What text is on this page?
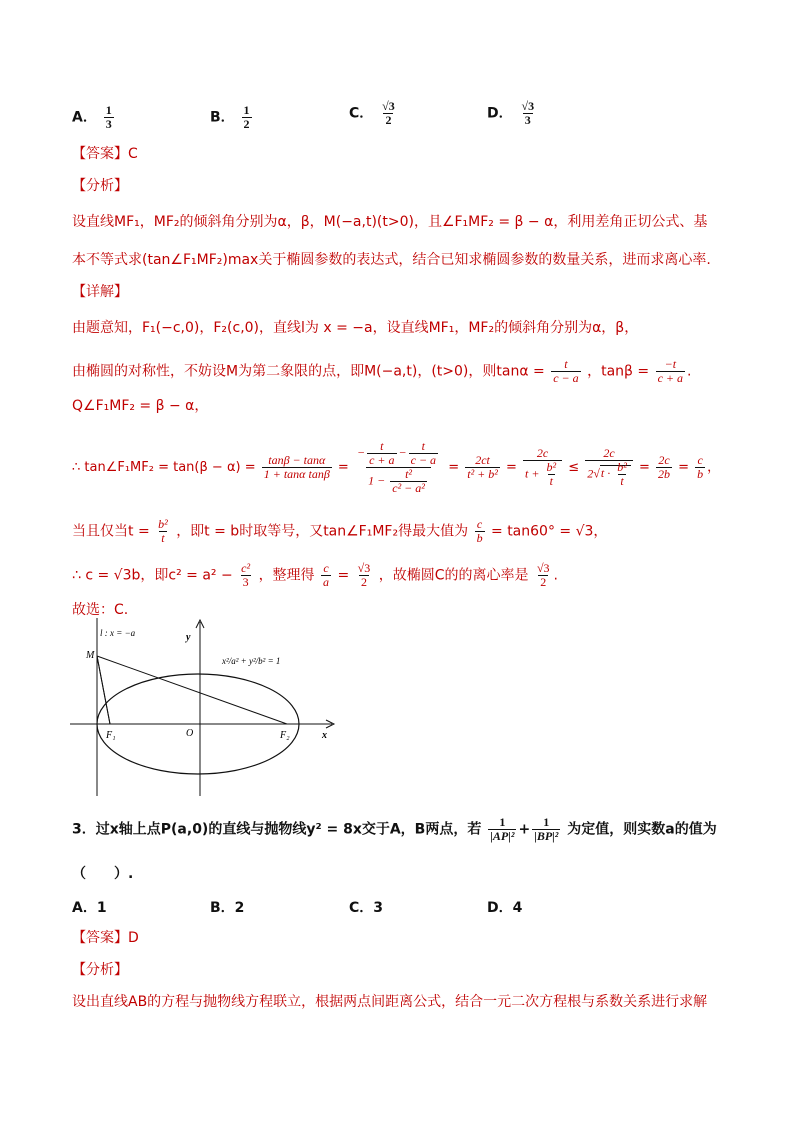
A． $\frac{1}{3}$	B． $\frac{1}{2}$	C． $\frac{√3}{2}$	D． $\frac{√3}{3}$
【答案】C
【分析】
设直线MF₁，MF₂的倾斜角分别为α，β，M(−a,t)(t>0)，且∠F₁MF₂ = β − α，利用差角正切公式、基
本不等式求(tan∠F₁MF₂)max关于椭圆参数的表达式，结合已知求椭圆参数的数量关系，进而求离心率.
【详解】
由题意知，F₁(−c,0)，F₂(c,0)，直线l为 x = −a，设直线MF₁，MF₂的倾斜角分别为α，β，
由椭圆的对称性，不妨设M为第二象限的点，即M(−a,t)，(t>0)，则$\tan\alpha = \frac{t}{c - a}$ ，$\tan\beta = \frac{-t}{c + a}$ .
Q∠F₁MF₂ = β − α，
∴ tan∠F₁MF₂ = $\tan(\beta - \alpha) = \frac{\tan\beta - \tan\alpha}{\text{1 + tanα tanβ}} = \frac{- \frac{t}{c + a} - \frac{t}{c - a}}{1 - \frac{\text{t²}}{\text{c² − a²}}} = \frac{2ct}{\text{t² + b²}} = \frac{2c}{t + \frac{\text{b²}}{t}} \le \frac{2c}{2√t \cdot \frac{\text{b²}}{t}} = \frac{2c}{2b} = \frac{c}{b}$ ，
当且仅当$t = \frac{\text{b²}}{t}$ ，即t = b时取等号，又tan∠F₁MF₂得最大值为 $\frac{c}{b} = \tan 60^\circ = √3$，
∴ c = √3b，即$c^2 = a^2 - \frac{\text{c²}}{3}$ ，整理得 $\frac{c}{a} = \frac{√3}{2}$ ，故椭圆C的的离心率是 $\frac{√3}{2}$ .
故选：C.
l : x = −a	y
x
x²/a² + y²/b² = 1
M
F₁	O	F₂
3．过x轴上点P(a,0)的直线与抛物线y² = 8x交于A，B两点，若 $\frac{1}{\text{|AP|²}} + \frac{1}{\text{|BP|²}}$ 为定值，则实数a的值为
（　　）.
A．1	B．2	C．3	D．4
【答案】D
【分析】
设出直线AB的方程与抛物线方程联立，根据两点间距离公式，结合一元二次方程根与系数关系进行求解
